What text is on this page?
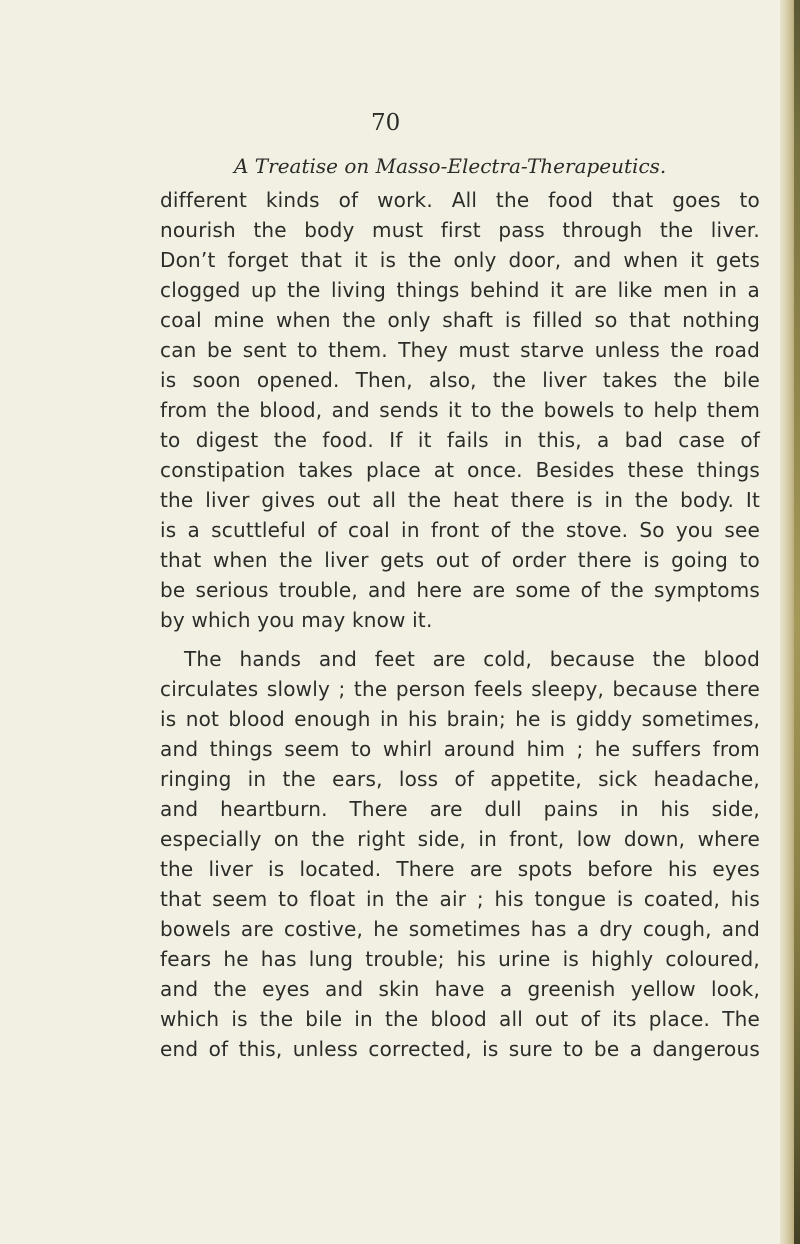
70
A Treatise on Masso-Electra-Therapeutics.

different kinds of work. All the food that goes to
nourish the body must first pass through the liver.
Don’t forget that it is the only door, and when it gets
clogged up the living things behind it are like men in a
coal mine when the only shaft is filled so that nothing
can be sent to them. They must starve unless the road
is soon opened. Then, also, the liver takes the bile
from the blood, and sends it to the bowels to help them
to digest the food. If it fails in this, a bad case of
constipation takes place at once. Besides these things
the liver gives out all the heat there is in the body. It
is a scuttleful of coal in front of the stove. So you see
that when the liver gets out of order there is going to
be serious trouble, and here are some of the symptoms
by which you may know it.

The hands and feet are cold, because the blood
circulates slowly ; the person feels sleepy, because there
is not blood enough in his brain; he is giddy sometimes,
and things seem to whirl around him ; he suffers from
ringing in the ears, loss of appetite, sick headache,
and heartburn. There are dull pains in his side,
especially on the right side, in front, low down, where
the liver is located. There are spots before his eyes
that seem to float in the air ; his tongue is coated, his
bowels are costive, he sometimes has a dry cough, and
fears he has lung trouble; his urine is highly coloured,
and the eyes and skin have a greenish yellow look,
which is the bile in the blood all out of its place. The
end of this, unless corrected, is sure to be a dangerous
